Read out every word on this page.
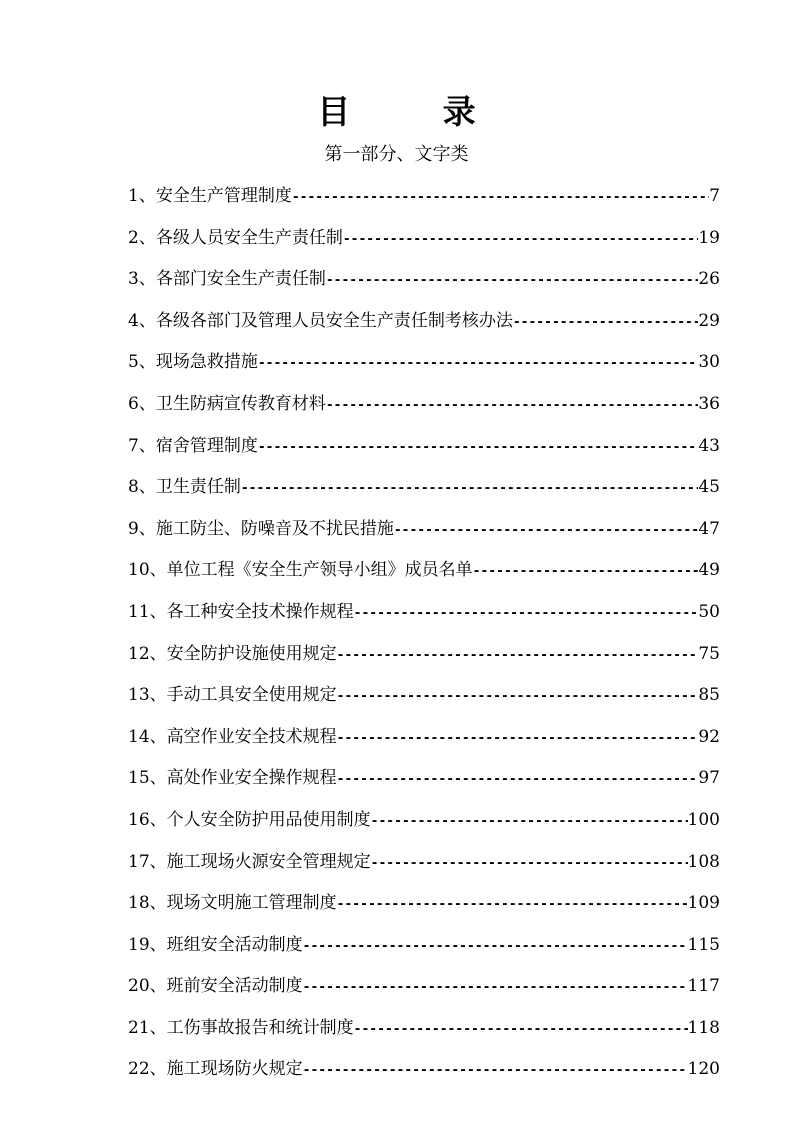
目　录
第一部分、文字类
1、安全生产管理制度 -----	7
2、各级人员安全生产责任制 -----	19
3、各部门安全生产责任制 -----	26
4、各级各部门及管理人员安全生产责任制考核办法 -----	29
5、现场急救措施 -----	30
6、卫生防病宣传教育材料 -----	36
7、宿舍管理制度 -----	43
8、卫生责任制 -----	45
9、施工防尘、防噪音及不扰民措施 -----	47
10、单位工程《安全生产领导小组》成员名单 -----	49
11、各工种安全技术操作规程 -----	50
12、安全防护设施使用规定 -----	75
13、手动工具安全使用规定 -----	85
14、高空作业安全技术规程 -----	92
15、高处作业安全操作规程 -----	97
16、个人安全防护用品使用制度 -----	100
17、施工现场火源安全管理规定 -----	108
18、现场文明施工管理制度 -----	109
19、班组安全活动制度 -----	115
20、班前安全活动制度 -----	117
21、工伤事故报告和统计制度 -----	118
22、施工现场防火规定 -----	120
